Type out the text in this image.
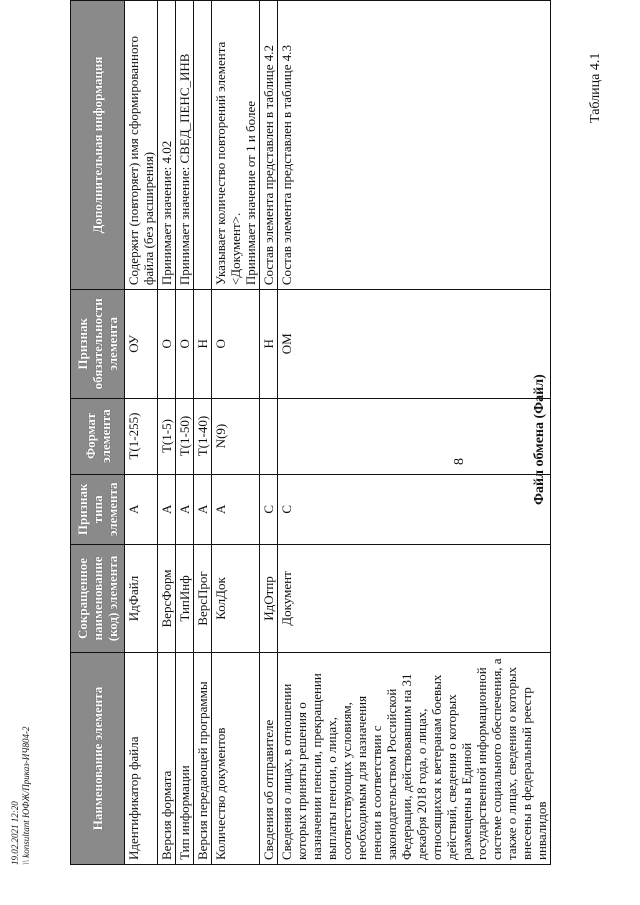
19.02.2021 12:20 \\ konsultant ЮФЖ/Приказ-ИЧ804-2
8
Таблица 4.1
Файл обмена (Файл)
Наименование элемента	Сокращенное наименование (код) элемента	Признак типа элемента	Формат элемента	Признак обязательности элемента	Дополнительная информация
Идентификатор файла	ИдФайл	А	T(1-255)	ОУ	Содержит (повторяет) имя сформированного файла (без расширения)
Версия формата	ВерсФорм	А	T(1-5)	О	Принимает значение: 4.02
Тип информации	ТипИнф	А	T(1-50)	О	Принимает значение: СВЕД_ПЕНС_ИНВ
Версия передающей программы	ВерсПрог	А	T(1-40)	Н	
Количество документов	КолДок	А	N(9)	О	Указывает количество повторений элемента <Документ>.
Принимает значение от 1 и более
Сведения об отправителе	ИдОтпр	С		Н	Состав элемента представлен в таблице 4.2
Сведения о лицах, в отношении которых приняты решения о назначении пенсии, прекращении выплаты пенсии, о лицах, соответствующих условиям, необходимым для назначения пенсии в соответствии с законодательством Российской Федерации, действовавшим на 31 декабря 2018 года, о лицах, относящихся к ветеранам боевых действий, сведения о которых размещены в Единой государственной информационной системе социального обеспечения, а также о лицах, сведения о которых внесены в федеральный реестр инвалидов	Документ	С		ОМ	Состав элемента представлен в таблице 4.3
